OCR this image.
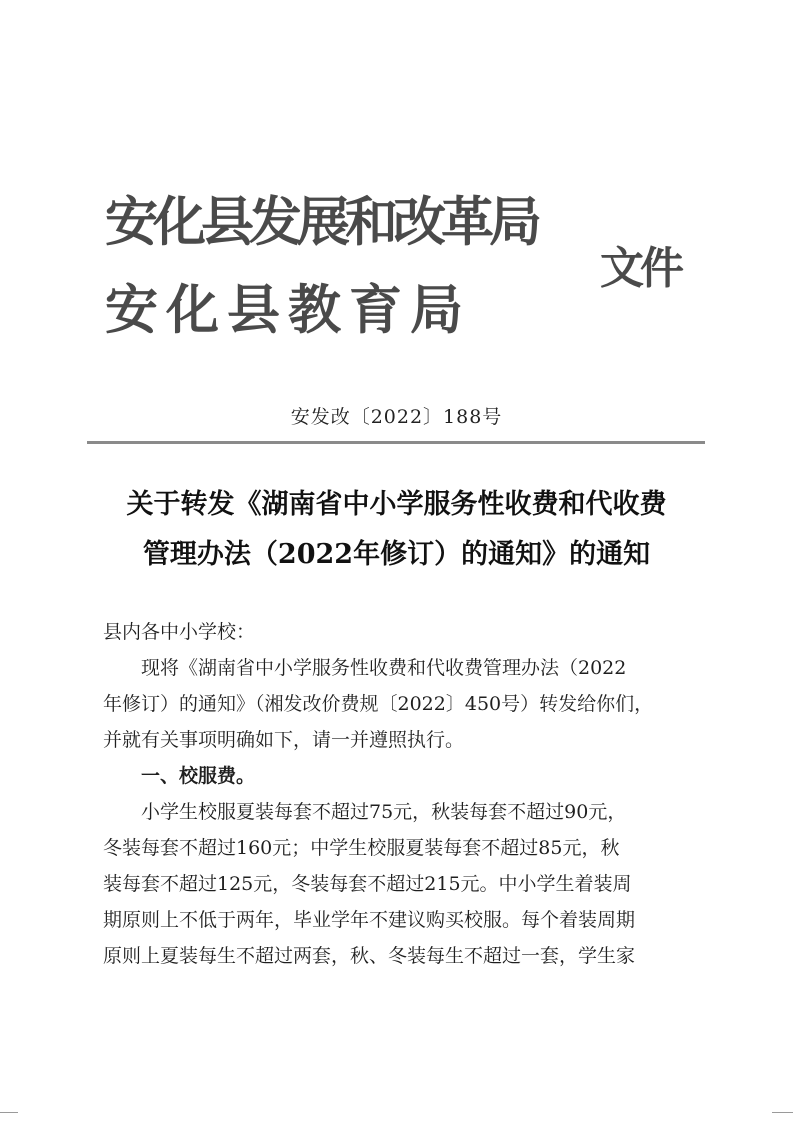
安化县发展和改革局
安化县教育局
文件
安发改〔2022〕188号
关于转发《湖南省中小学服务性收费和代收费
管理办法（2022年修订）的通知》的通知
县内各中小学校：
现将《湖南省中小学服务性收费和代收费管理办法（2022
年修订）的通知》（湘发改价费规〔2022〕450号）转发给你们，
并就有关事项明确如下，请一并遵照执行。
一、校服费。
小学生校服夏装每套不超过75元，秋装每套不超过90元，
冬装每套不超过160元；中学生校服夏装每套不超过85元，秋
装每套不超过125元，冬装每套不超过215元。中小学生着装周
期原则上不低于两年，毕业学年不建议购买校服。每个着装周期
原则上夏装每生不超过两套，秋、冬装每生不超过一套，学生家
